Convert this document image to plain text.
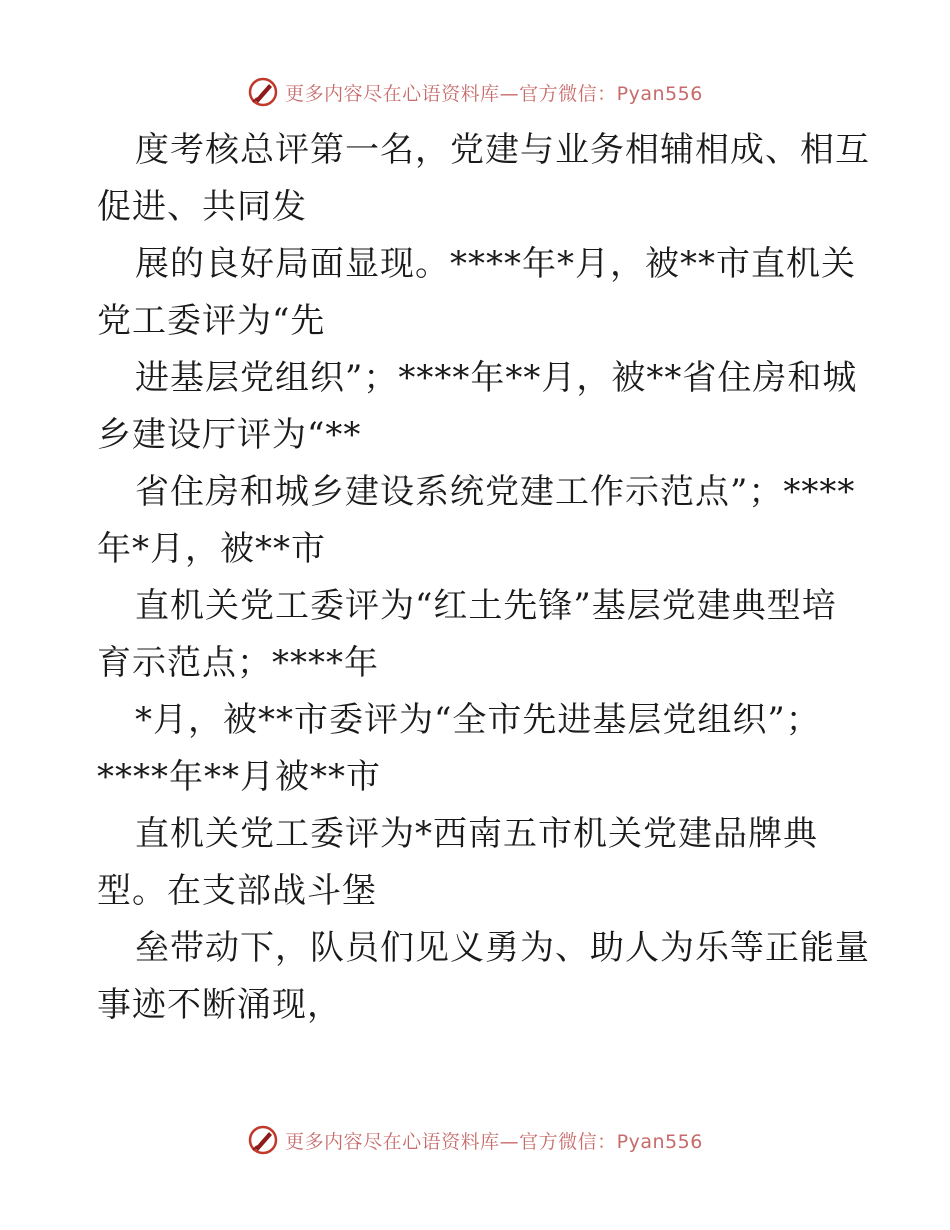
更多内容尽在心语资料库—官方微信：Pyan556
度考核总评第一名，党建与业务相辅相成、相互
促进、共同发
展的良好局面显现。****年*月，被**市直机关
党工委评为“先
进基层党组织”；****年**月，被**省住房和城
乡建设厅评为“**
省住房和城乡建设系统党建工作示范点”；****
年*月，被**市
直机关党工委评为“红土先锋”基层党建典型培
育示范点；****年
*月，被**市委评为“全市先进基层党组织”；
****年**月被**市
直机关党工委评为*西南五市机关党建品牌典
型。在支部战斗堡
垒带动下，队员们见义勇为、助人为乐等正能量
事迹不断涌现，
更多内容尽在心语资料库—官方微信：Pyan556
